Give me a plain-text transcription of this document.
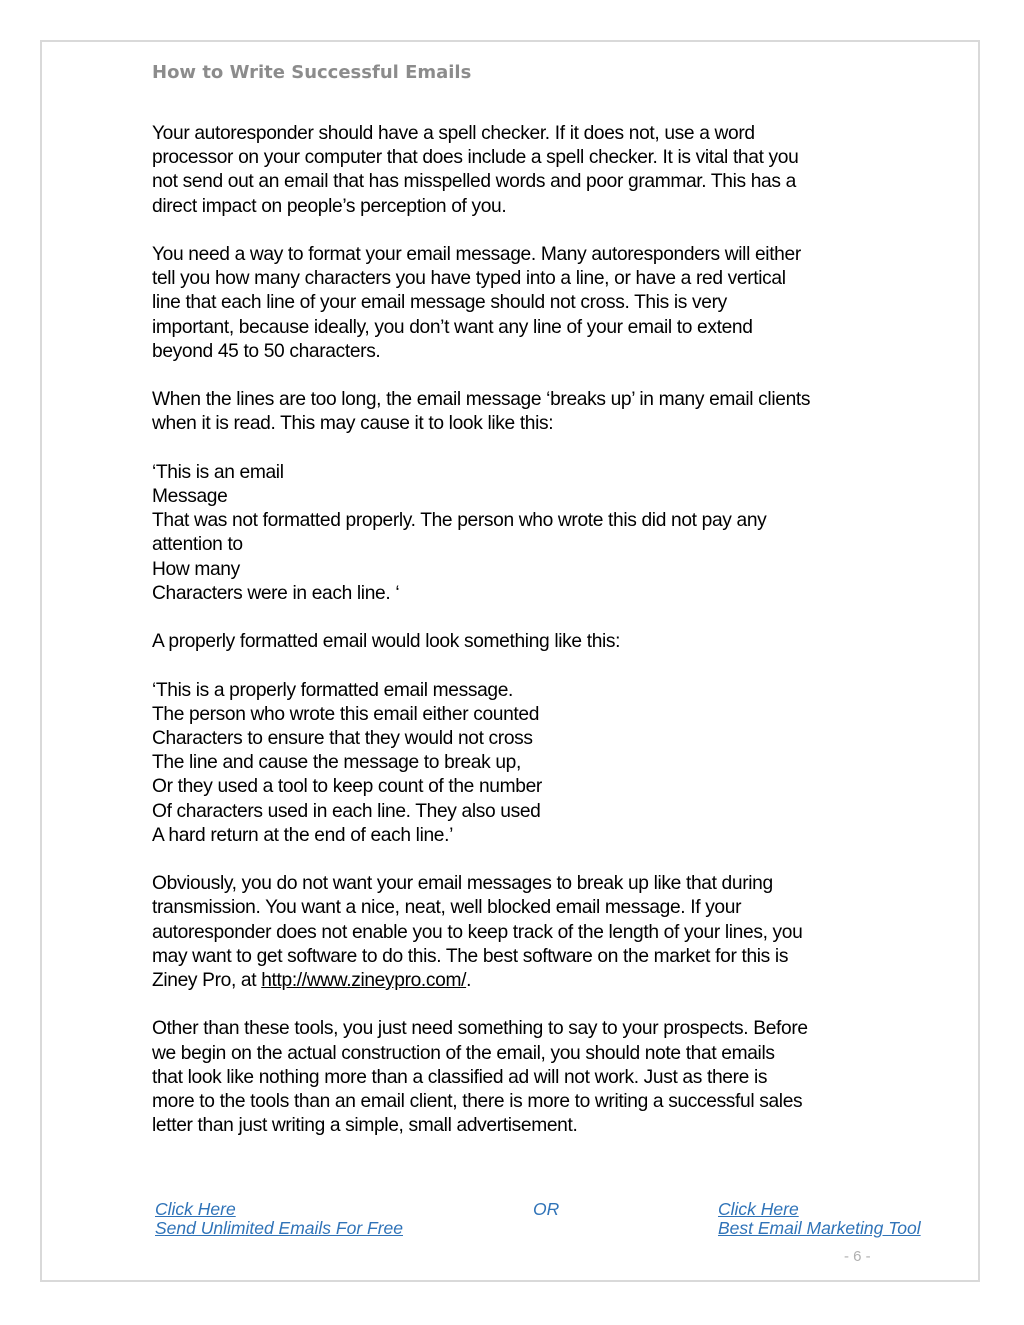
How to Write Successful Emails

Your autoresponder should have a spell checker. If it does not, use a word
processor on your computer that does include a spell checker. It is vital that you
not send out an email that has misspelled words and poor grammar. This has a
direct impact on people’s perception of you.

You need a way to format your email message. Many autoresponders will either
tell you how many characters you have typed into a line, or have a red vertical
line that each line of your email message should not cross. This is very
important, because ideally, you don’t want any line of your email to extend
beyond 45 to 50 characters.

When the lines are too long, the email message ‘breaks up’ in many email clients
when it is read. This may cause it to look like this:

‘This is an email
Message
That was not formatted properly. The person who wrote this did not pay any
attention to
How many
Characters were in each line. ‘

A properly formatted email would look something like this:

‘This is a properly formatted email message.
The person who wrote this email either counted
Characters to ensure that they would not cross
The line and cause the message to break up,
Or they used a tool to keep count of the number
Of characters used in each line. They also used
A hard return at the end of each line.’

Obviously, you do not want your email messages to break up like that during
transmission. You want a nice, neat, well blocked email message. If your
autoresponder does not enable you to keep track of the length of your lines, you
may want to get software to do this. The best software on the market for this is
Ziney Pro, at http://www.zineypro.com/.

Other than these tools, you just need something to say to your prospects. Before
we begin on the actual construction of the email, you should note that emails
that look like nothing more than a classified ad will not work. Just as there is
more to the tools than an email client, there is more to writing a successful sales
letter than just writing a simple, small advertisement.

Click Here
Send Unlimited Emails For Free
OR	Click Here
Best Email Marketing Tool
- 6 -
